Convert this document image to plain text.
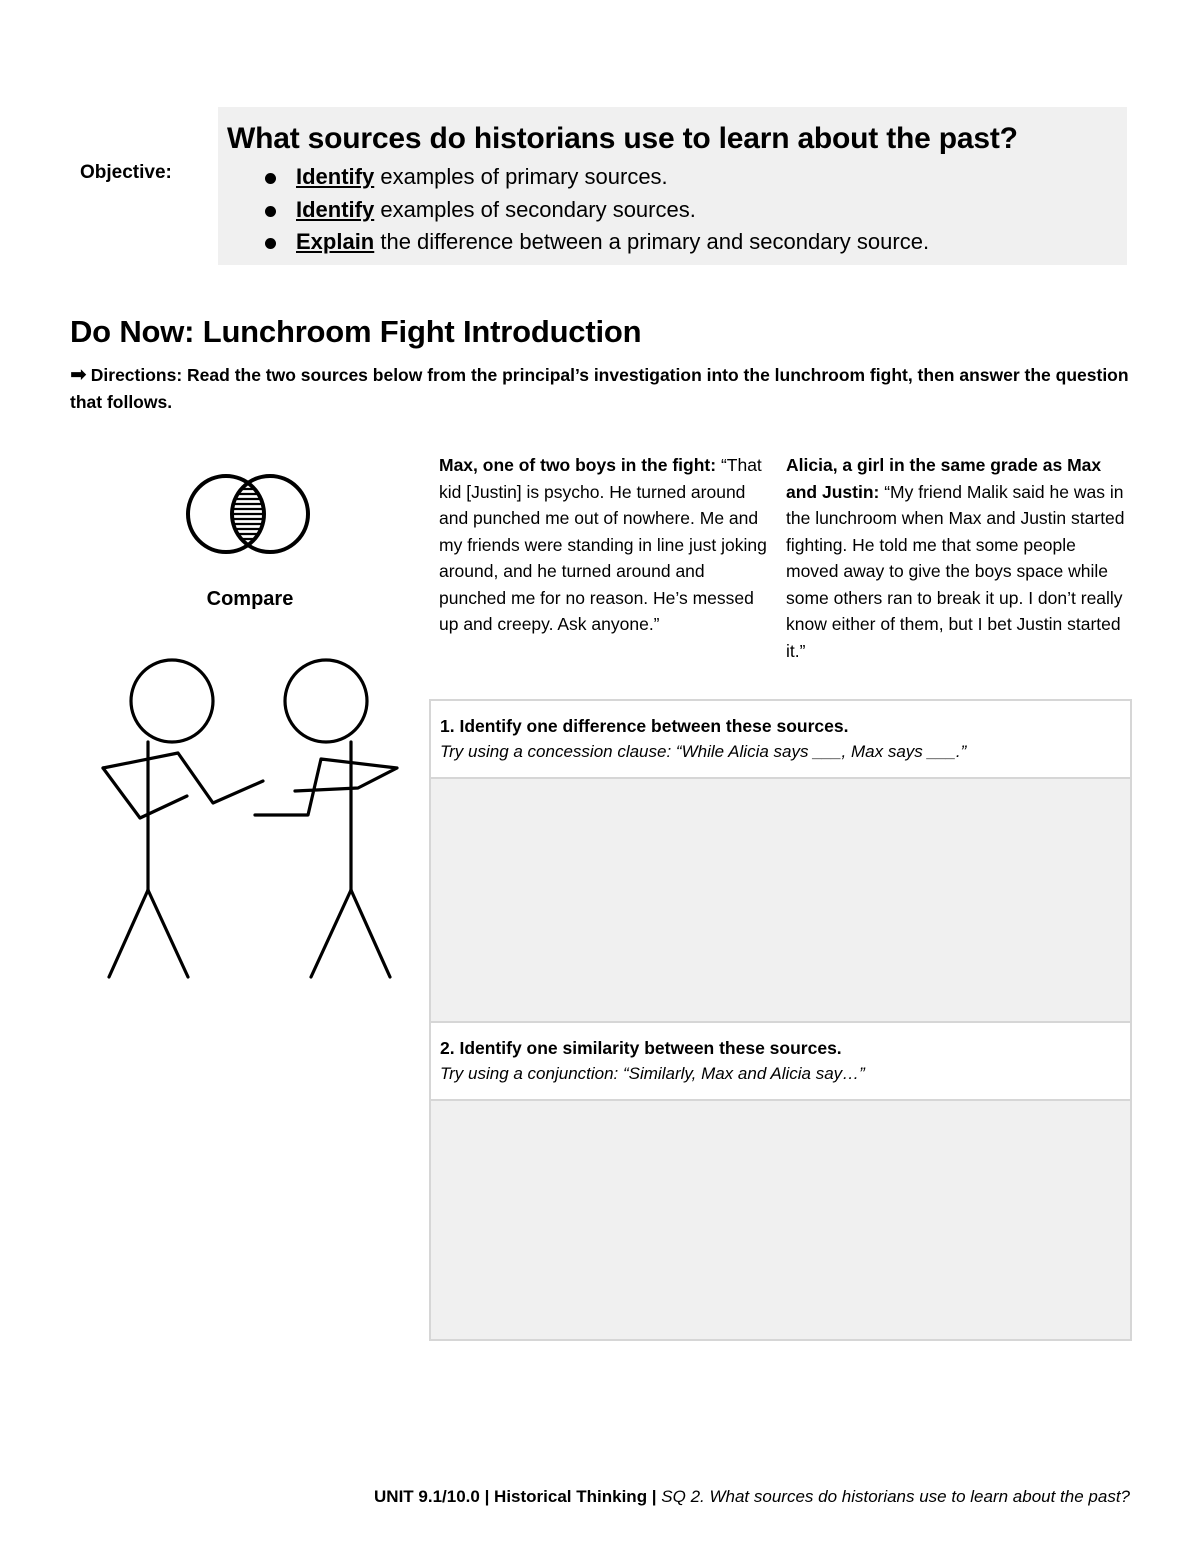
Objective:
What sources do historians use to learn about the past?
Identify examples of primary sources.
Identify examples of secondary sources.
Explain the difference between a primary and secondary source.
Do Now: Lunchroom Fight Introduction
➡ Directions: Read the two sources below from the principal’s investigation into the lunchroom fight, then answer the question that follows.
Compare
Max, one of two boys in the fight: “That kid [Justin] is psycho. He turned around and punched me out of nowhere. Me and my friends were standing in line just joking around, and he turned around and punched me for no reason. He’s messed up and creepy. Ask anyone.”
Alicia, a girl in the same grade as Max and Justin: “My friend Malik said he was in the lunchroom when Max and Justin started fighting. He told me that some people moved away to give the boys space while some others ran to break it up. I don’t really know either of them, but I bet Justin started it.”
1. Identify one difference between these sources.
Try using a concession clause: “While Alicia says ___, Max says ___.”
2. Identify one similarity between these sources.
Try using a conjunction: “Similarly, Max and Alicia say…”
UNIT 9.1/10.0 | Historical Thinking | SQ 2. What sources do historians use to learn about the past?
